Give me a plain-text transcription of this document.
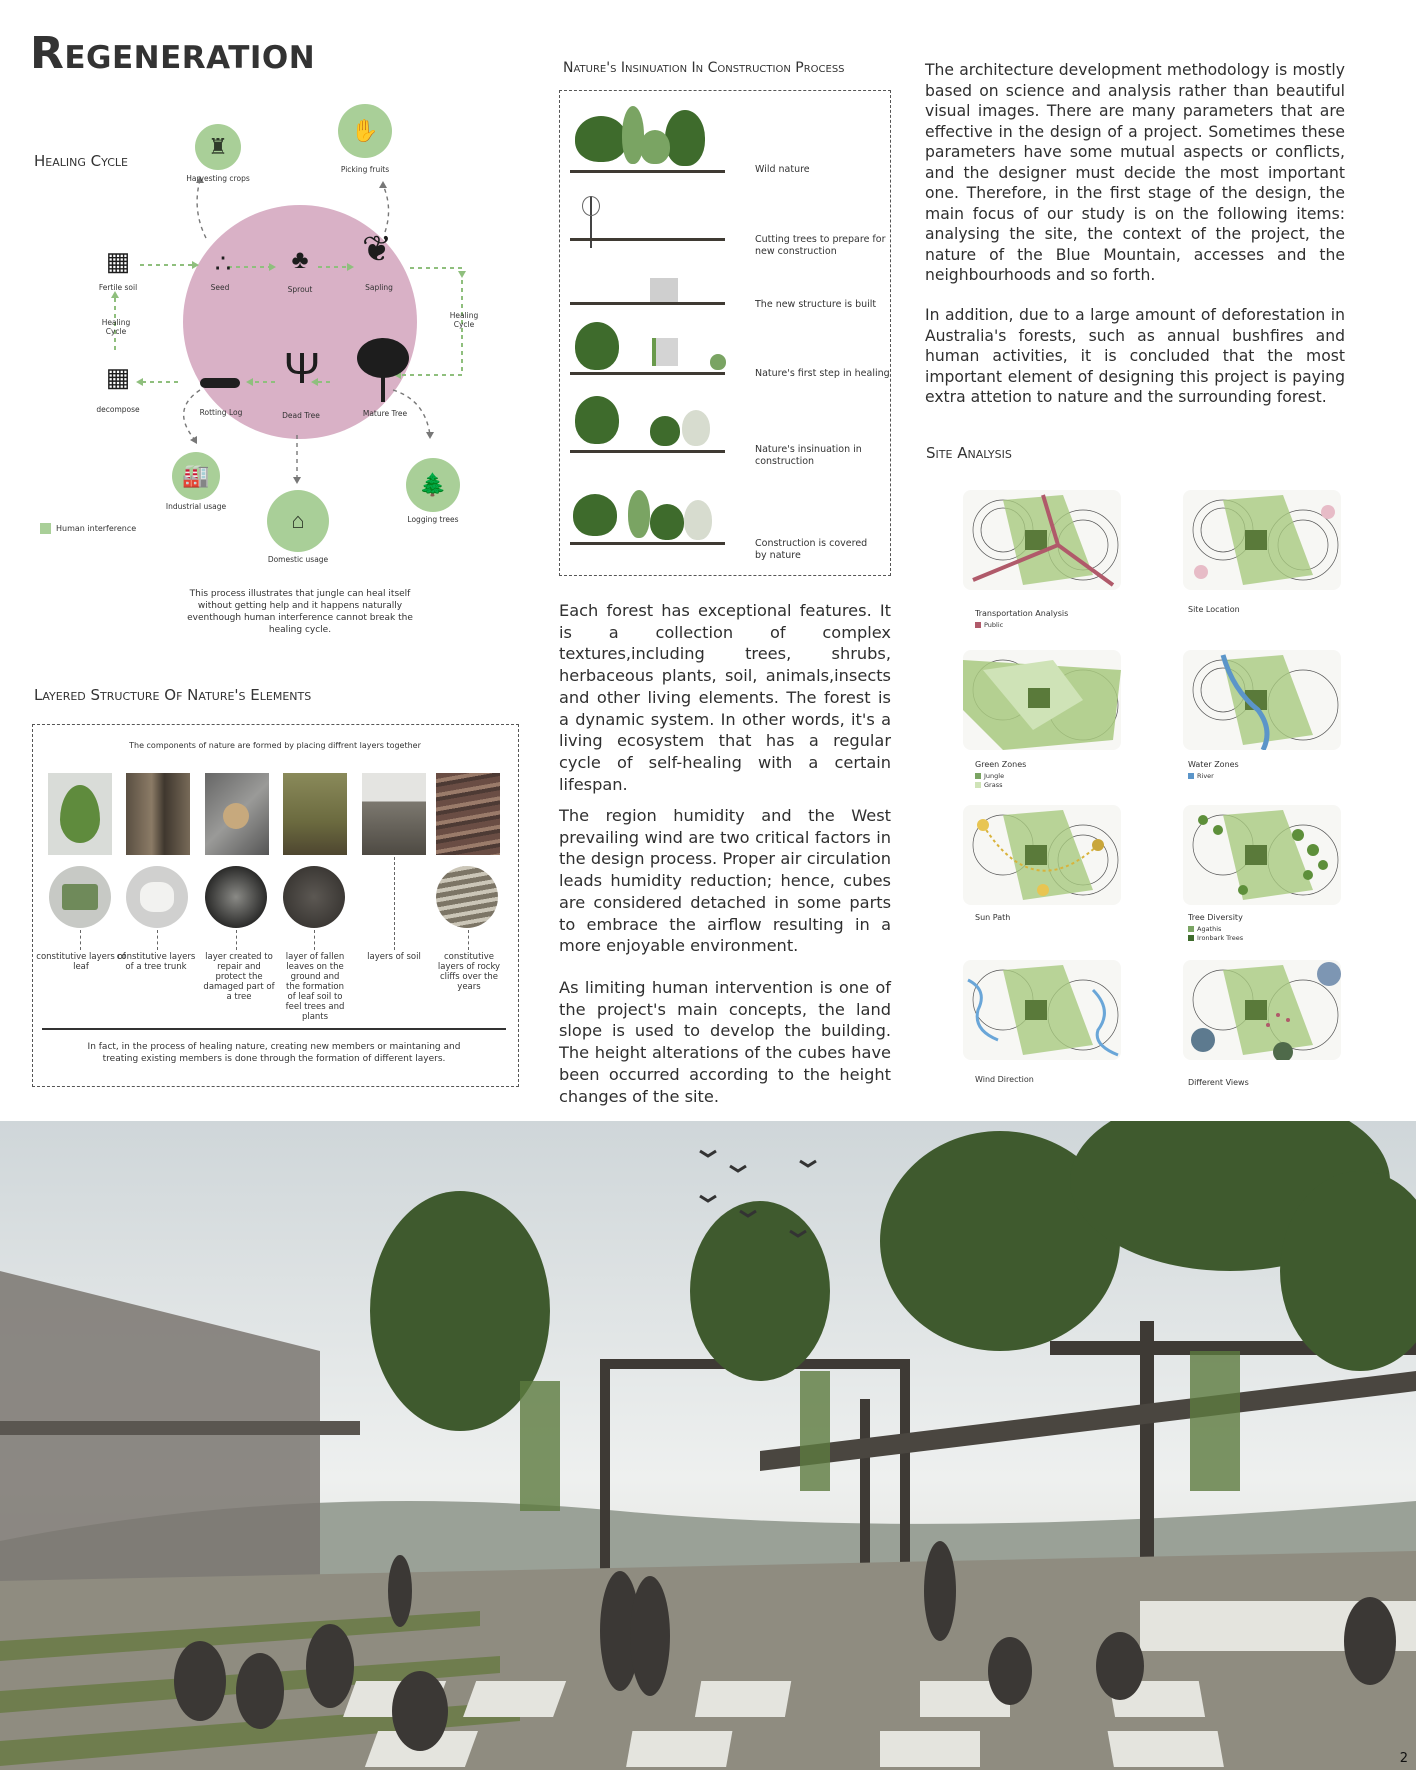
Regeneration
Healing Cycle
♜
Harvesting crops
✋
Picking fruits
🏭
Industrial usage
⌂
Domestic usage
🌲
Logging trees
▦
Fertile soil
Healing Cycle
▦
decompose
Healing Cycle
∴
Seed
♣
Sprout
❦
Sapling
Rotting Log
Ψ
Dead Tree	Mature Tree
Human interference
This process illustrates that jungle can heal itself without getting help and it happens naturally eventhough human interference cannot break the healing cycle.
Layered Structure Of Nature's Elements
The components of nature are formed by placing diffrent layers together
constitutive layers of leaf
constitutive layers of a tree trunk
layer created to repair and protect the damaged part of a tree
layer of fallen leaves on the ground and the formation of leaf soil to feel trees and plants
layers of soil	constitutive layers of rocky cliffs over the years
In fact, in the process of healing nature, creating new members or maintaning and treating existing members is done through the formation of different layers.
Nature's Insinuation In Construction Process
Wild nature
Cutting trees to prepare for new construction
The new structure is built
Nature's first step in healing
Nature's insinuation in construction
Construction is covered by nature
Each forest has exceptional features. It is a collection of complex textures,including trees, shrubs, herbaceous plants, soil, animals,insects and other living elements. The forest is a dynamic system. In other words, it's a living ecosystem that has a regular cycle of self-healing with a certain lifespan.
The region humidity and the West prevailing wind are two critical factors in the design process. Proper air circulation leads humidity reduction; hence, cubes are considered detached in some parts to embrace the airflow resulting in a more enjoyable environment.
As limiting human intervention is one of the project's main concepts, the land slope is used to develop the building. The height alterations of the cubes have been occurred according to the height changes of the site.
The architecture development methodology is mostly based on science and analysis rather than beautiful visual images. There are many parameters that are effective in the design of a project. Sometimes these parameters have some mutual aspects or conflicts, and the designer must decide the most important one. Therefore, in the first stage of the design, the main focus of our study is on the following items: analysing the site, the context of the project, the nature of the Blue Mountain, accesses and the neighbourhoods and so forth.
In addition, due to a large amount of deforestation in Australia's forests, such as annual bushfires and human activities, it is concluded that the most important element of designing this project is paying extra attetion to nature and the surrounding forest.
Site Analysis
Transportation Analysis
Public
Site Location
Green Zones
Jungle
Grass
Water Zones
River
Sun Path	Tree Diversity
Agathis
Ironbark Trees
Wind Direction	Different Views
2
